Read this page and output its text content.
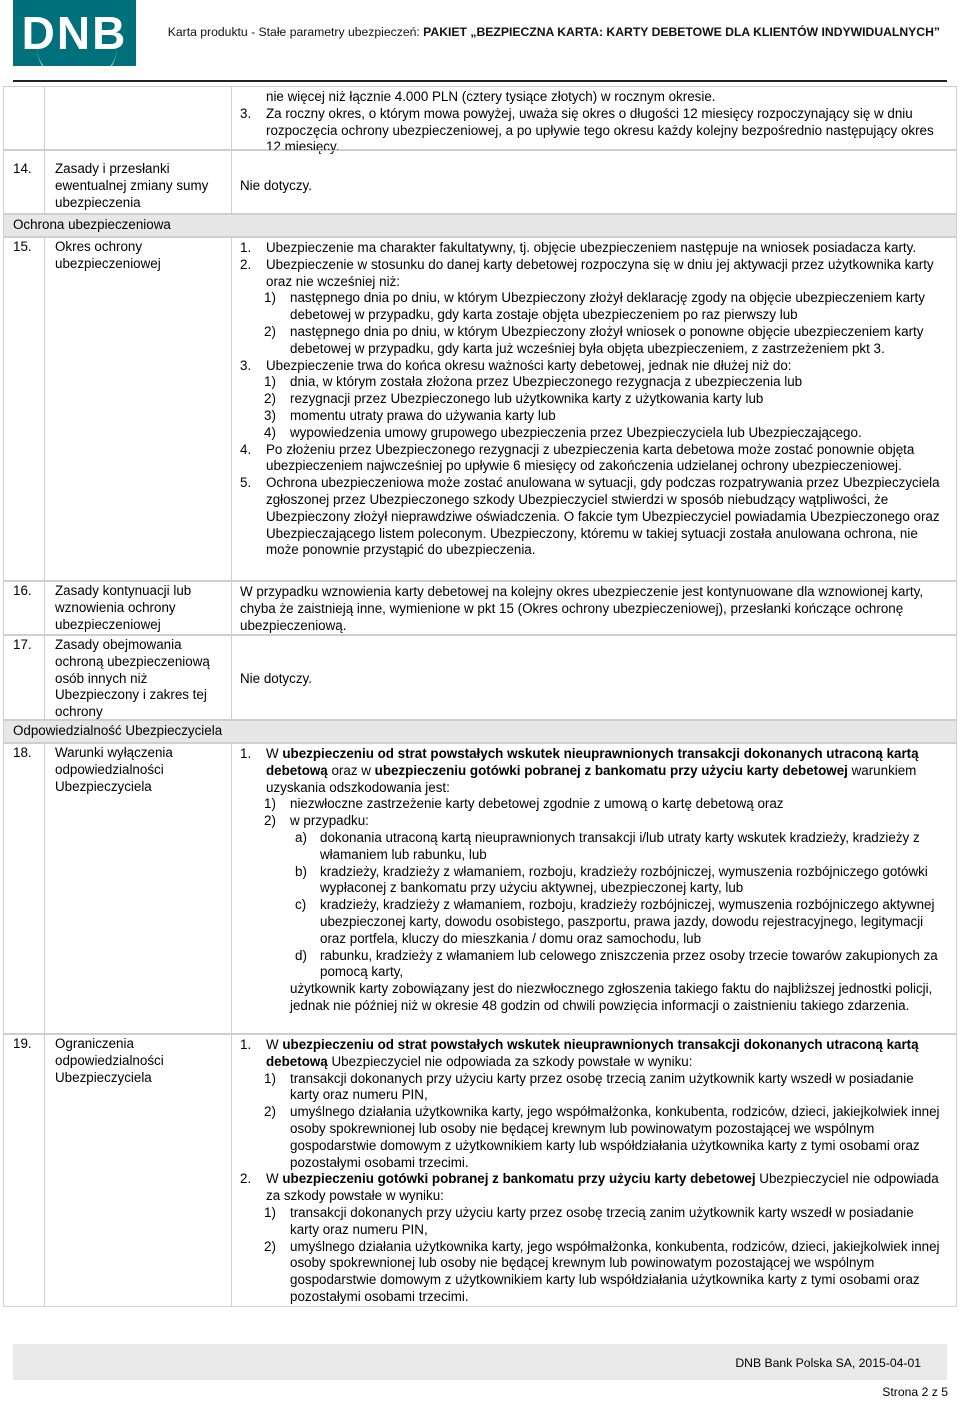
DNB	Karta produktu - Stałe parametry ubezpieczeń: PAKIET „BEZPIECZNA KARTA: KARTY DEBETOWE DLA KLIENTÓW INDYWIDUALNYCH”

nie więcej niż łącznie 4.000 PLN (cztery tysiące złotych) w rocznym okresie.

3. Za roczny okres, o którym mowa powyżej, uważa się okres o długości 12 miesięcy rozpoczynający się w dniu rozpoczęcia ochrony ubezpieczeniowej, a po upływie tego okresu każdy kolejny bezpośrednio następujący okres 12 miesięcy.
14. Zasady i przesłanki ewentualnej zmiany sumy ubezpieczenia
Nie dotyczy.
Ochrona ubezpieczeniowa
15. Okres ochrony ubezpieczeniowej
1. Ubezpieczenie ma charakter fakultatywny, tj. objęcie ubezpieczeniem następuje na wniosek posiadacza karty.
2. Ubezpieczenie w stosunku do danej karty debetowej rozpoczyna się w dniu jej aktywacji przez użytkownika karty oraz nie wcześniej niż:
1) następnego dnia po dniu, w którym Ubezpieczony złożył deklarację zgody na objęcie ubezpieczeniem karty debetowej w przypadku, gdy karta zostaje objęta ubezpieczeniem po raz pierwszy lub
2) następnego dnia po dniu, w którym Ubezpieczony złożył wniosek o ponowne objęcie ubezpieczeniem karty debetowej w przypadku, gdy karta już wcześniej była objęta ubezpieczeniem, z zastrzeżeniem pkt 3.
3. Ubezpieczenie trwa do końca okresu ważności karty debetowej, jednak nie dłużej niż do:
1) dnia, w którym została złożona przez Ubezpieczonego rezygnacja z ubezpieczenia lub
2) rezygnacji przez Ubezpieczonego lub użytkownika karty z użytkowania karty lub
3) momentu utraty prawa do używania karty lub
4) wypowiedzenia umowy grupowego ubezpieczenia przez Ubezpieczyciela lub Ubezpieczającego.
4. Po złożeniu przez Ubezpieczonego rezygnacji z ubezpieczenia karta debetowa może zostać ponownie objęta ubezpieczeniem najwcześniej po upływie 6 miesięcy od zakończenia udzielanej ochrony ubezpieczeniowej.
5. Ochrona ubezpieczeniowa może zostać anulowana w sytuacji, gdy podczas rozpatrywania przez Ubezpieczyciela zgłoszonej przez Ubezpieczonego szkody Ubezpieczyciel stwierdzi w sposób niebudzący wątpliwości, że Ubezpieczony złożył nieprawdziwe oświadczenia. O fakcie tym Ubezpieczyciel powiadamia Ubezpieczonego oraz Ubezpieczającego listem poleconym. Ubezpieczony, któremu w takiej sytuacji została anulowana ochrona, nie może ponownie przystąpić do ubezpieczenia.
16. Zasady kontynuacji lub wznowienia ochrony ubezpieczeniowej
W przypadku wznowienia karty debetowej na kolejny okres ubezpieczenie jest kontynuowane dla wznowionej karty, chyba że zaistnieją inne, wymienione w pkt 15 (Okres ochrony ubezpieczeniowej), przesłanki kończące ochronę ubezpieczeniową.
17. Zasady obejmowania ochroną ubezpieczeniową osób innych niż Ubezpieczony i zakres tej ochrony
Nie dotyczy.
Odpowiedzialność Ubezpieczyciela
18. Warunki wyłączenia odpowiedzialności Ubezpieczyciela
1. W ubezpieczeniu od strat powstałych wskutek nieuprawnionych transakcji dokonanych utraconą kartą debetową oraz w ubezpieczeniu gotówki pobranej z bankomatu przy użyciu karty debetowej warunkiem uzyskania odszkodowania jest:
1) niezwłoczne zastrzeżenie karty debetowej zgodnie z umową o kartę debetową oraz
2) w przypadku:
a) dokonania utraconą kartą nieuprawnionych transakcji i/lub utraty karty wskutek kradzieży, kradzieży z włamaniem lub rabunku, lub
b) kradzieży, kradzieży z włamaniem, rozboju, kradzieży rozbójniczej, wymuszenia rozbójniczego gotówki wypłaconej z bankomatu przy użyciu aktywnej, ubezpieczonej karty, lub
c) kradzieży, kradzieży z włamaniem, rozboju, kradzieży rozbójniczej, wymuszenia rozbójniczego aktywnej ubezpieczonej karty, dowodu osobistego, paszportu, prawa jazdy, dowodu rejestracyjnego, legitymacji oraz portfela, kluczy do mieszkania / domu oraz samochodu, lub
d) rabunku, kradzieży z włamaniem lub celowego zniszczenia przez osoby trzecie towarów zakupionych za pomocą karty,

użytkownik karty zobowiązany jest do niezwłocznego zgłoszenia takiego faktu do najbliższej jednostki policji, jednak nie później niż w okresie 48 godzin od chwili powzięcia informacji o zaistnieniu takiego zdarzenia.

19. Ograniczenia odpowiedzialności Ubezpieczyciela
1. W ubezpieczeniu od strat powstałych wskutek nieuprawnionych transakcji dokonanych utraconą kartą debetową Ubezpieczyciel nie odpowiada za szkody powstałe w wyniku:
1) transakcji dokonanych przy użyciu karty przez osobę trzecią zanim użytkownik karty wszedł w posiadanie karty oraz numeru PIN,
2) umyślnego działania użytkownika karty, jego współmałżonka, konkubenta, rodziców, dzieci, jakiejkolwiek innej osoby spokrewnionej lub osoby nie będącej krewnym lub powinowatym pozostającej we wspólnym gospodarstwie domowym z użytkownikiem karty lub współdziałania użytkownika karty z tymi osobami oraz pozostałymi osobami trzecimi.
2. W ubezpieczeniu gotówki pobranej z bankomatu przy użyciu karty debetowej Ubezpieczyciel nie odpowiada za szkody powstałe w wyniku:
1) transakcji dokonanych przy użyciu karty przez osobę trzecią zanim użytkownik karty wszedł w posiadanie karty oraz numeru PIN,
2) umyślnego działania użytkownika karty, jego współmałżonka, konkubenta, rodziców, dzieci, jakiejkolwiek innej osoby spokrewnionej lub osoby nie będącej krewnym lub powinowatym pozostającej we wspólnym gospodarstwie domowym z użytkownikiem karty lub współdziałania użytkownika karty z tymi osobami oraz pozostałymi osobami trzecimi.
DNB Bank Polska SA, 2015-04-01
Strona 2 z 5
